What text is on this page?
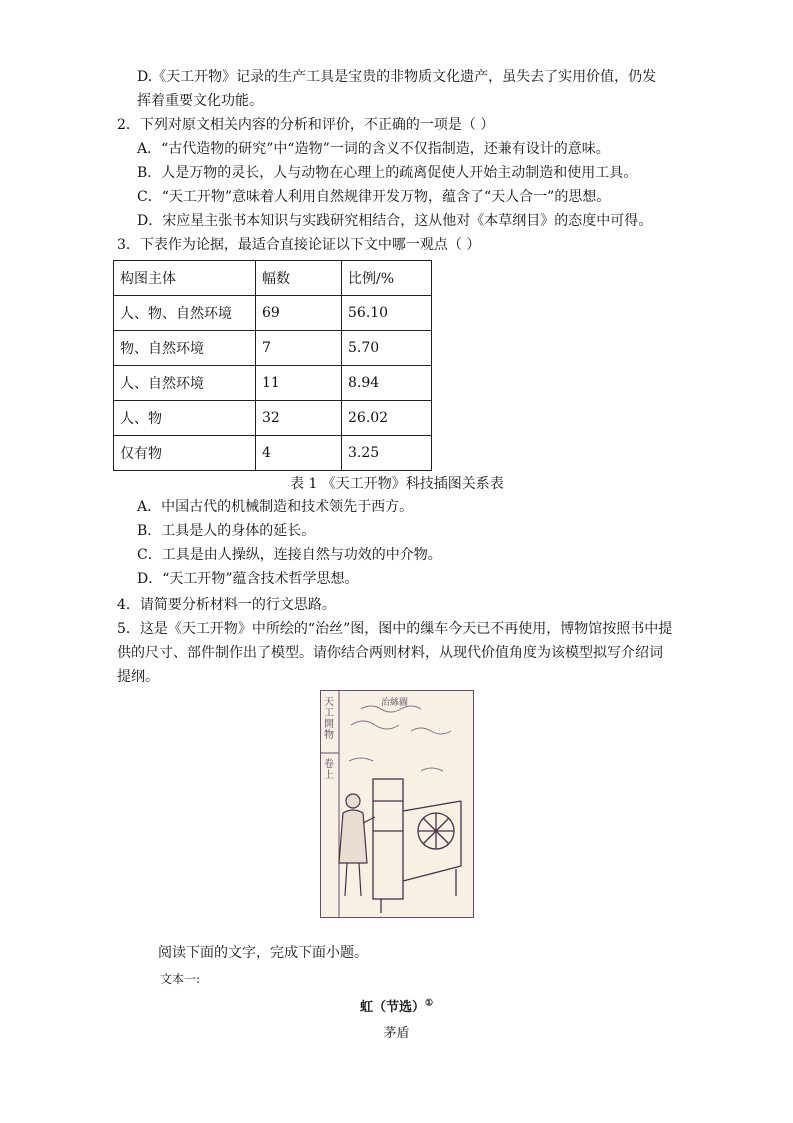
D.《天工开物》记录的生产工具是宝贵的非物质文化遗产，虽失去了实用价值，仍发
挥着重要文化功能。
2．下列对原文相关内容的分析和评价，不正确的一项是（ ）
A．“古代造物的研究”中“造物”一词的含义不仅指制造，还兼有设计的意味。
B．人是万物的灵长，人与动物在心理上的疏离促使人开始主动制造和使用工具。
C．“天工开物”意味着人利用自然规律开发万物，蕴含了“天人合一”的思想。
D．宋应星主张书本知识与实践研究相结合，这从他对《本草纲目》的态度中可得。
3．下表作为论据，最适合直接论证以下文中哪一观点（ ）
构图主体	幅数	比例/%
人、物、自然环境	69	56.10
物、自然环境	7	5.70
人、自然环境	11	8.94
人、物	32	26.02
仅有物	4	3.25
表 1 《天工开物》科技插图关系表
A．中国古代的机械制造和技术领先于西方。
B．工具是人的身体的延长。
C．工具是由人操纵，连接自然与功效的中介物。
D．“天工开物”蕴含技术哲学思想。
4．请简要分析材料一的行文思路。
5．这是《天工开物》中所绘的“治丝”图，图中的缫车今天已不再使用，博物馆按照书中提
供的尺寸、部件制作出了模型。请你结合两则材料，从现代价值角度为该模型拟写介绍词
提纲。
天工開物
卷上
治絲圖
阅读下面的文字，完成下面小题。
文本一:
虹（节选）①
茅盾
